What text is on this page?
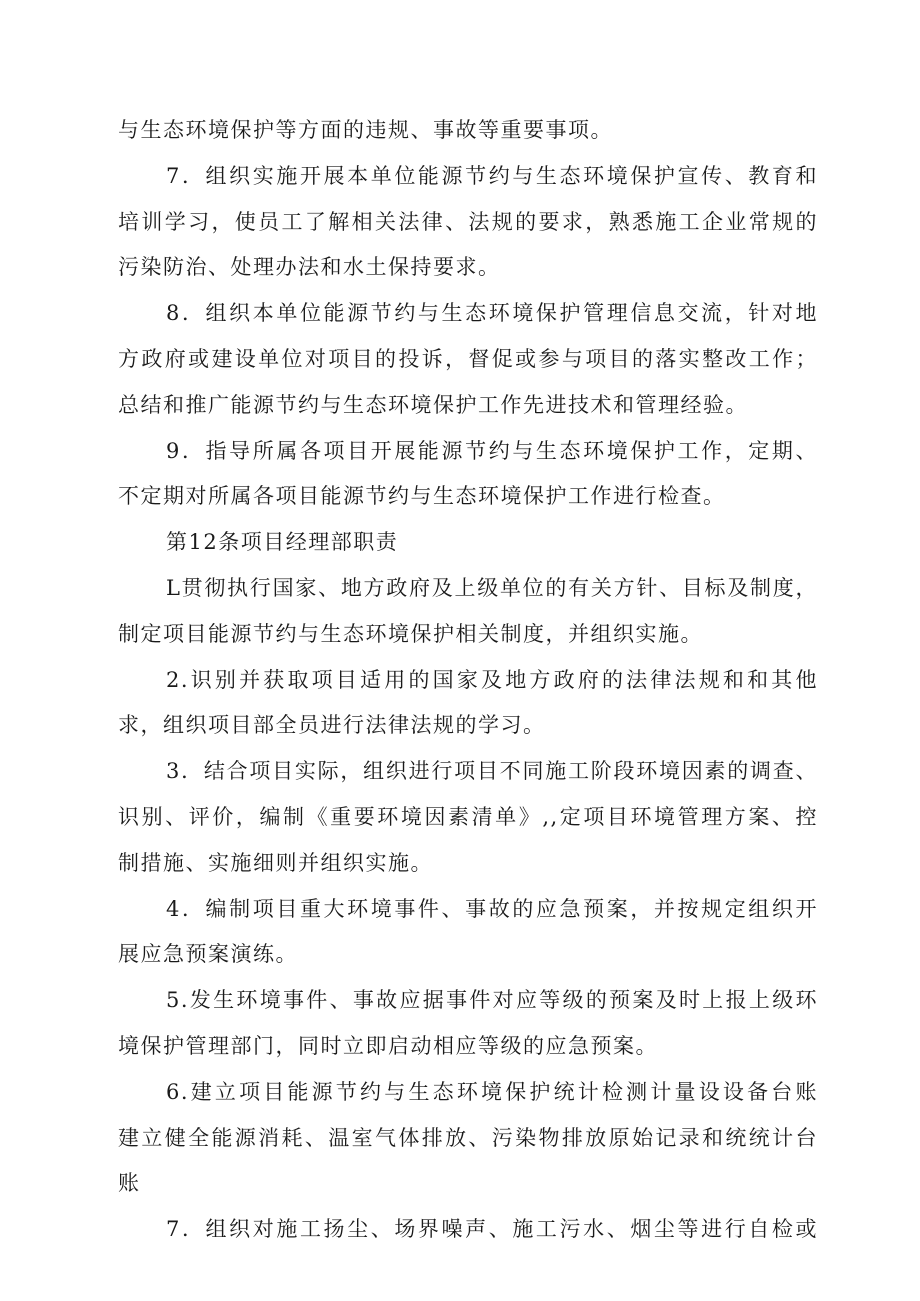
与生态环境保护等方面的违规、事故等重要事项。
7．组织实施开展本单位能源节约与生态环境保护宣传、教育和
培训学习，使员工了解相关法律、法规的要求，熟悉施工企业常规的
污染防治、处理办法和水土保持要求。
8．组织本单位能源节约与生态环境保护管理信息交流，针对地
方政府或建设单位对项目的投诉，督促或参与项目的落实整改工作；
总结和推广能源节约与生态环境保护工作先进技术和管理经验。
9．指导所属各项目开展能源节约与生态环境保护工作，定期、
不定期对所属各项目能源节约与生态环境保护工作进行检查。
第12条项目经理部职责
L贯彻执行国家、地方政府及上级单位的有关方针、目标及制度，
制定项目能源节约与生态环境保护相关制度，并组织实施。
2.识别并获取项目适用的国家及地方政府的法律法规和和其他
求，组织项目部全员进行法律法规的学习。
3．结合项目实际，组织进行项目不同施工阶段环境因素的调查、
识别、评价，编制《重要环境因素清单》,,定项目环境管理方案、控
制措施、实施细则并组织实施。
4．编制项目重大环境事件、事故的应急预案，并按规定组织开
展应急预案演练。
5.发生环境事件、事故应据事件对应等级的预案及时上报上级环
境保护管理部门，同时立即启动相应等级的应急预案。
6.建立项目能源节约与生态环境保护统计检测计量设设备台账
建立健全能源消耗、温室气体排放、污染物排放原始记录和统统计台
账
7．组织对施工扬尘、场界噪声、施工污水、烟尘等进行自检或
